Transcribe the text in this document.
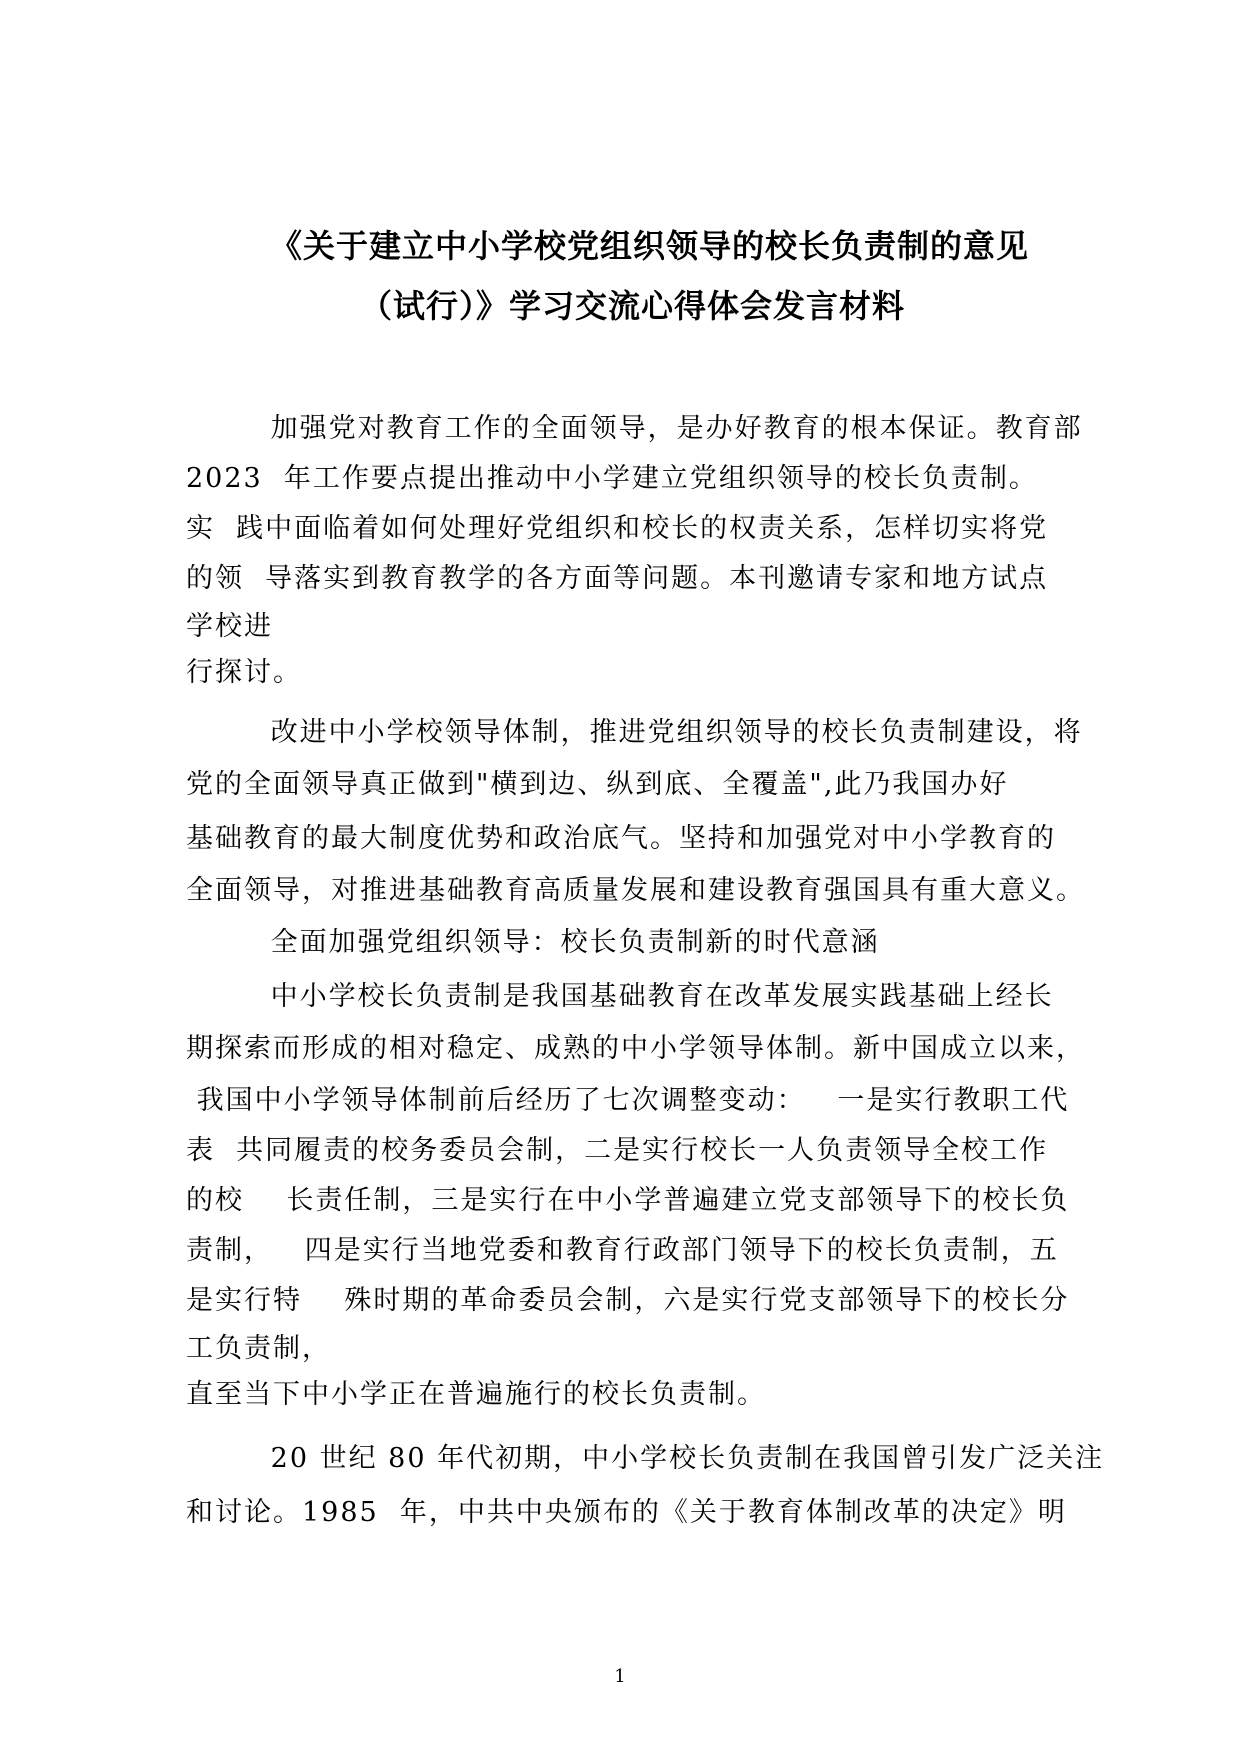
《关于建立中小学校党组织领导的校长负责制的意见
（试行）》学习交流心得体会发言材料
加强党对教育工作的全面领导，是办好教育的根本保证。教育部
2023  年工作要点提出推动中小学建立党组织领导的校长负责制。
实  践中面临着如何处理好党组织和校长的权责关系，怎样切实将党
的领  导落实到教育教学的各方面等问题。本刊邀请专家和地方试点
学校进
行探讨。
改进中小学校领导体制，推进党组织领导的校长负责制建设，将
党的全面领导真正做到"横到边、纵到底、全覆盖",此乃我国办好
基础教育的最大制度优势和政治底气。坚持和加强党对中小学教育的
全面领导，对推进基础教育高质量发展和建设教育强国具有重大意义。
全面加强党组织领导：校长负责制新的时代意涵
中小学校长负责制是我国基础教育在改革发展实践基础上经长
期探索而形成的相对稳定、成熟的中小学领导体制。新中国成立以来，
我国中小学领导体制前后经历了七次调整变动：   一是实行教职工代
表  共同履责的校务委员会制，二是实行校长一人负责领导全校工作
的校    长责任制，三是实行在中小学普遍建立党支部领导下的校长负
责制，   四是实行当地党委和教育行政部门领导下的校长负责制，五
是实行特    殊时期的革命委员会制，六是实行党支部领导下的校长分
工负责制，
直至当下中小学正在普遍施行的校长负责制。
20 世纪 80 年代初期，中小学校长负责制在我国曾引发广泛关注
和讨论。1985  年，中共中央颁布的《关于教育体制改革的决定》明
1
